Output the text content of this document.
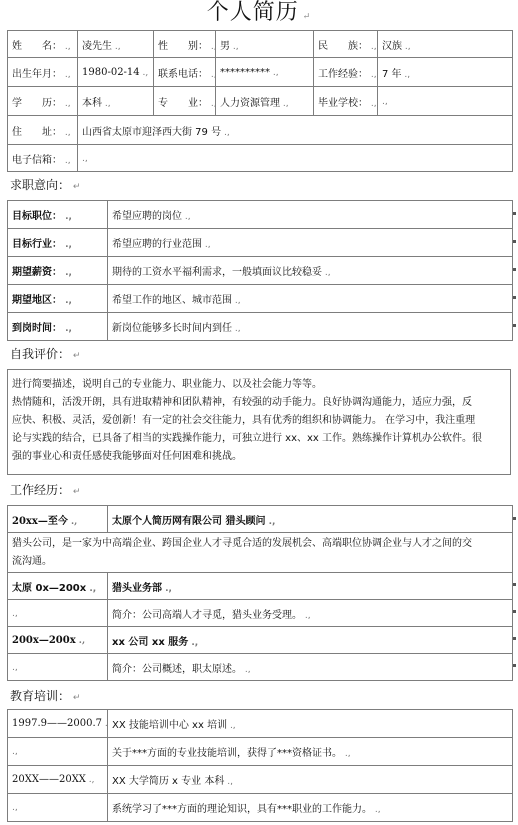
个人简历 ↵
姓　　名： .,	凌先生 .,	性　　别： .,	男 .,	民　　族： .,	汉族 .,
出生年月： .,	1980-02-14 .,	联系电话： .,	********** .,	工作经验： .,	7 年 .,
学　　历： .,	本科 .,	专　　业： .,	人力资源管理 .,	毕业学校： .,	.,
住　　址： .,	山西省太原市迎泽西大街 79 号 .,
电子信箱： .,	.,
求职意向： ↵
目标职位： .,	希望应聘的岗位 .,
目标行业： .,	希望应聘的行业范围 .,
期望薪资： .,	期待的工资水平福利需求，一般填面议比较稳妥 .,
期望地区： .,	希望工作的地区、城市范围 .,
到岗时间： .,	新岗位能够多长时间内到任 .,
自我评价： ↵
进行简要描述，说明自己的专业能力、职业能力、以及社会能力等等。
热情随和，活泼开朗，具有进取精神和团队精神，有较强的动手能力。良好协调沟通能力，适应力强，反
应快、积极、灵活，爱创新！有一定的社会交往能力，具有优秀的组织和协调能力。 在学习中，我注重理
论与实践的结合，已具备了相当的实践操作能力，可独立进行 xx、xx 工作。熟练操作计算机办公软件。很
强的事业心和责任感使我能够面对任何困难和挑战。
工作经历： ↵
20xx—至今 .,	太原个人简历网有限公司 猎头顾问 .,

猎头公司，是一家为中高端企业、跨国企业人才寻觅合适的发展机会、高端职位协调企业与人才之间的交
流沟通。	

太原 0x—200x .,	猎头业务部 .,
.,	简介：公司高端人才寻觅，猎头业务受理。 .,
200x—200x .,	xx 公司 xx 服务 .,
.,	简介：公司概述，职太原述。 .,
教育培训： ↵
1997.9——2000.7 .,	XX 技能培训中心 xx 培训 .,
.,	关于***方面的专业技能培训，获得了***资格证书。 .,
20XX——20XX .,	XX 大学简历 x 专业 本科 .,
.,	系统学习了***方面的理论知识，具有***职业的工作能力。 .,
